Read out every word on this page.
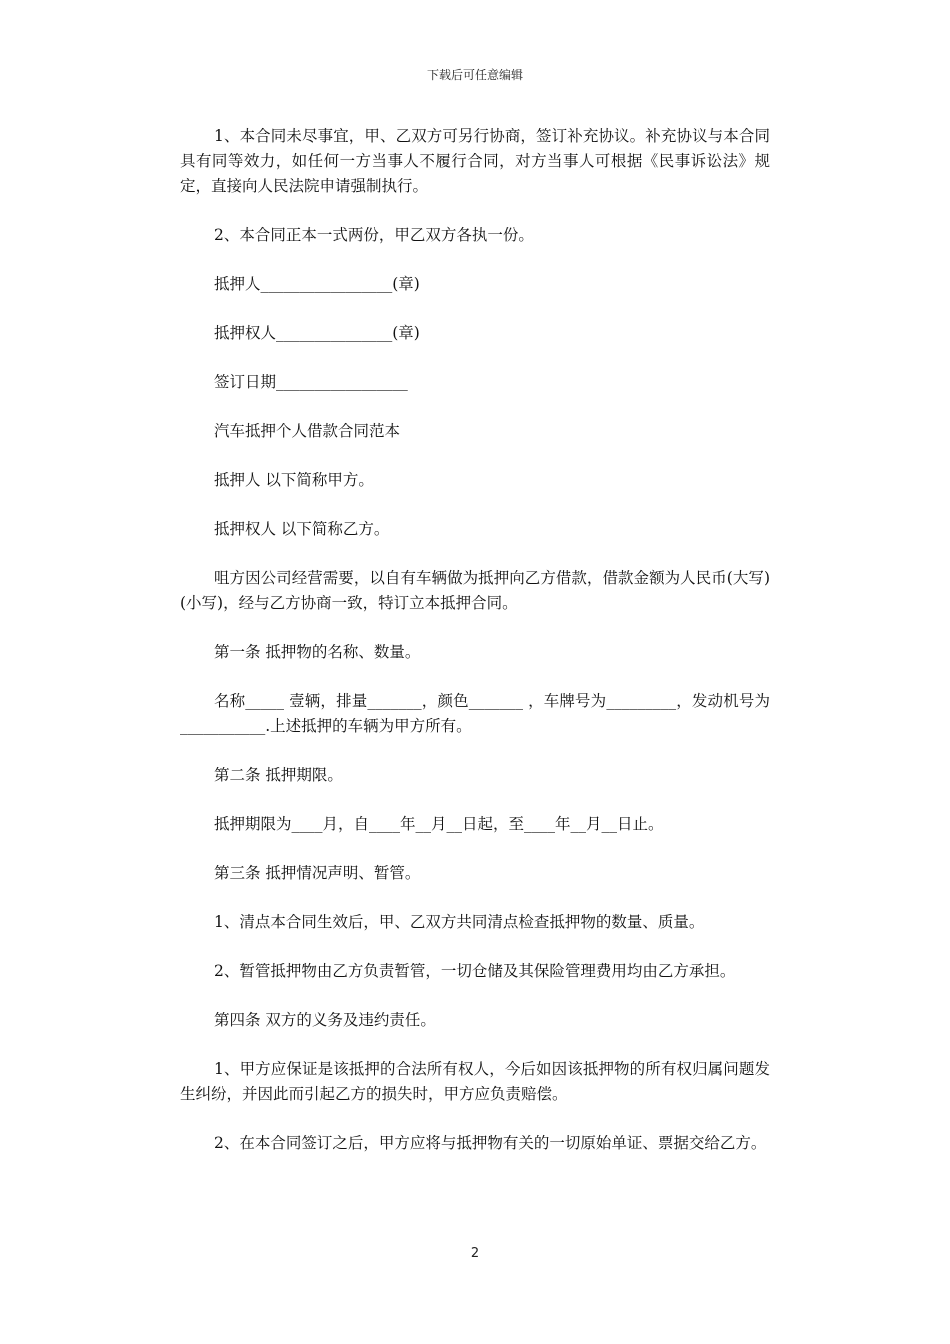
下载后可任意编辑

1、本合同未尽事宜，甲、乙双方可另行协商，签订补充协议。补充协议与本合同具有同等效力，如任何一方当事人不履行合同，对方当事人可根据《民事诉讼法》规定，直接向人民法院申请强制执行。

2、本合同正本一式两份，甲乙双方各执一份。

抵押人_________________(章)

抵押权人_______________(章)

签订日期_________________

汽车抵押个人借款合同范本

抵押人 以下简称甲方。

抵押权人 以下简称乙方。

咀方因公司经营需要，以自有车辆做为抵押向乙方借款，借款金额为人民币(大写) (小写)，经与乙方协商一致，特订立本抵押合同。

第一条 抵押物的名称、数量。

名称_____ 壹辆，排量_______，颜色_______ ，车牌号为_________，发动机号为___________.上述抵押的车辆为甲方所有。

第二条 抵押期限。

抵押期限为____月，自____年__月__日起，至____年__月__日止。

第三条 抵押情况声明、暂管。

1、清点本合同生效后，甲、乙双方共同清点检查抵押物的数量、质量。

2、暂管抵押物由乙方负责暂管，一切仓储及其保险管理费用均由乙方承担。

第四条 双方的义务及违约责任。

1、甲方应保证是该抵押的合法所有权人，今后如因该抵押物的所有权归属问题发生纠纷，并因此而引起乙方的损失时，甲方应负责赔偿。

2、在本合同签订之后，甲方应将与抵押物有关的一切原始单证、票据交给乙方。

2
